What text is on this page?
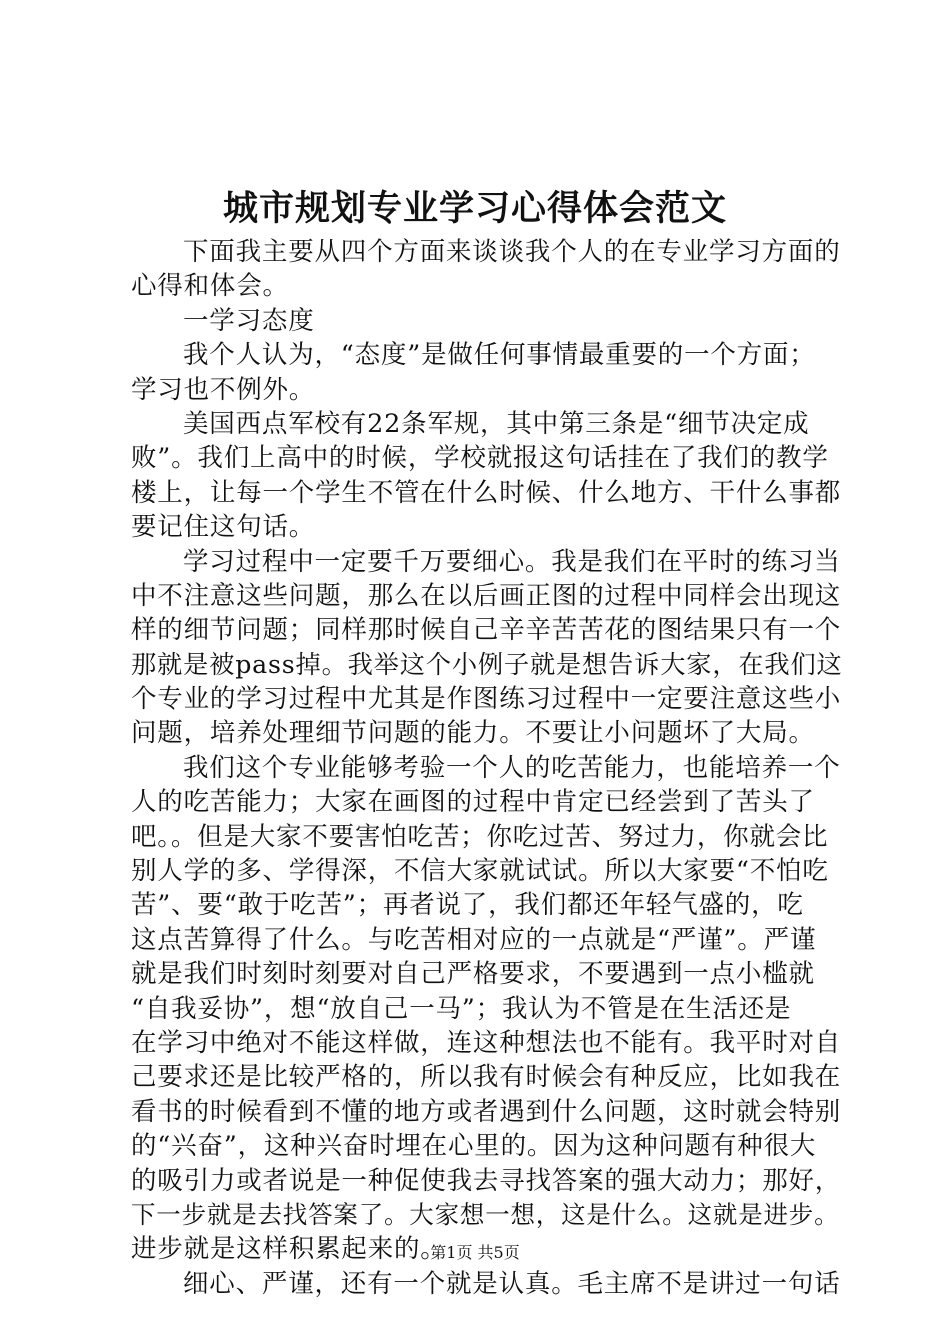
城市规划专业学习心得体会范文
下面我主要从四个方面来谈谈我个人的在专业学习方面的
心得和体会。
一学习态度
我个人认为，“态度”是做任何事情最重要的一个方面；
学习也不例外。
美国西点军校有22条军规，其中第三条是“细节决定成
败”。我们上高中的时候，学校就报这句话挂在了我们的教学
楼上，让每一个学生不管在什么时候、什么地方、干什么事都
要记住这句话。
学习过程中一定要千万要细心。我是我们在平时的练习当
中不注意这些问题，那么在以后画正图的过程中同样会出现这
样的细节问题；同样那时候自己辛辛苦苦花的图结果只有一个
那就是被pass掉。我举这个小例子就是想告诉大家，在我们这
个专业的学习过程中尤其是作图练习过程中一定要注意这些小
问题，培养处理细节问题的能力。不要让小问题坏了大局。
我们这个专业能够考验一个人的吃苦能力，也能培养一个
人的吃苦能力；大家在画图的过程中肯定已经尝到了苦头了
吧。。但是大家不要害怕吃苦；你吃过苦、努过力，你就会比
别人学的多、学得深，不信大家就试试。所以大家要“不怕吃
苦”、要“敢于吃苦”；再者说了，我们都还年轻气盛的，吃
这点苦算得了什么。与吃苦相对应的一点就是“严谨”。严谨
就是我们时刻时刻要对自己严格要求，不要遇到一点小槛就
“自我妥协”，想“放自己一马”；我认为不管是在生活还是
在学习中绝对不能这样做，连这种想法也不能有。我平时对自
己要求还是比较严格的，所以我有时候会有种反应，比如我在
看书的时候看到不懂的地方或者遇到什么问题，这时就会特别
的“兴奋”，这种兴奋时埋在心里的。因为这种问题有种很大
的吸引力或者说是一种促使我去寻找答案的强大动力；那好，
下一步就是去找答案了。大家想一想，这是什么。这就是进步。
进步就是这样积累起来的。
细心、严谨，还有一个就是认真。毛主席不是讲过一句话
第1页 共5页
